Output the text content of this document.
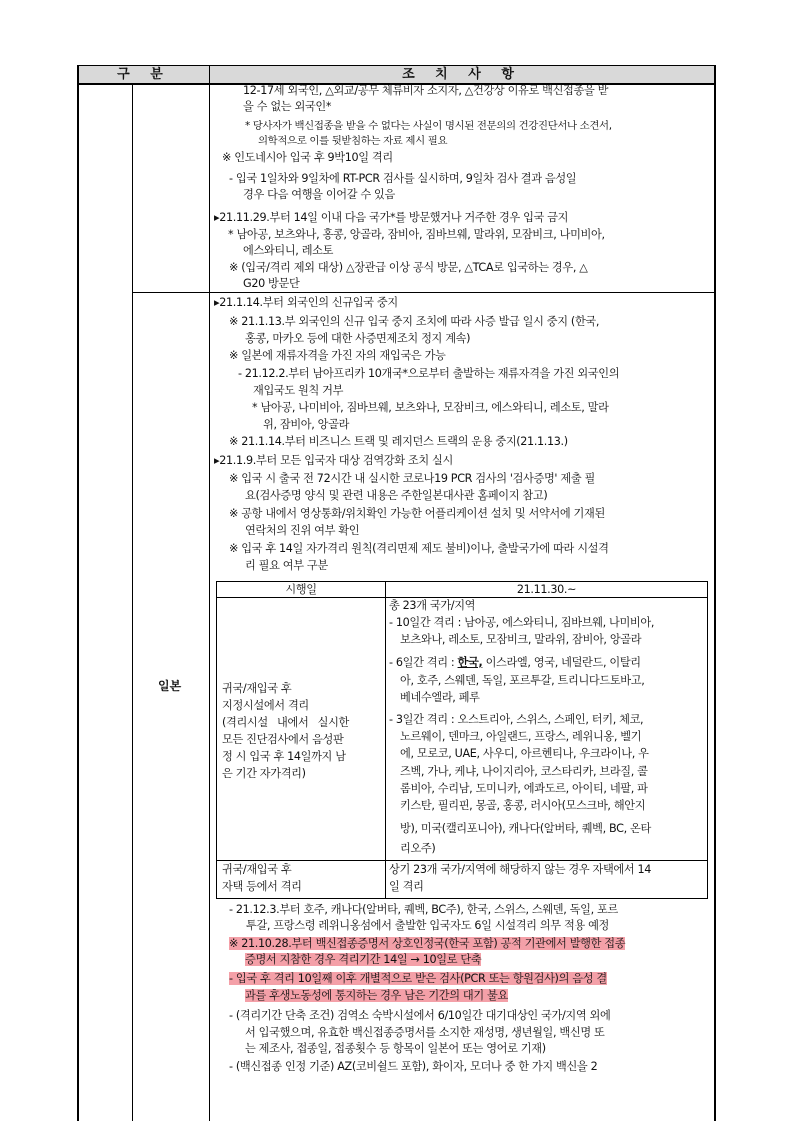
구 분	조 치 사 항
12-17세 외국인, △외교/공무 체류비자 소지자, △건강상 이유로 백신접종을 받
을 수 없는 외국인*
* 당사자가 백신접종을 받을 수 없다는 사실이 명시된 전문의의 건강진단서나 소견서,
의학적으로 이를 뒷받침하는 자료 제시 필요
※ 인도네시아 입국 후 9박10일 격리
- 입국 1일차와 9일차에 RT-PCR 검사를 실시하며, 9일차 검사 결과 음성일
경우 다음 여행을 이어갈 수 있음
▸21.11.29.부터 14일 이내 다음 국가*를 방문했거나 거주한 경우 입국 금지
* 남아공, 보츠와나, 홍콩, 앙골라, 잠비아, 짐바브웨, 말라위, 모잠비크, 나미비아,
에스와티니, 레소토
※ (입국/격리 제외 대상) △장관급 이상 공식 방문, △TCA로 입국하는 경우, △
G20 방문단
일본
▸21.1.14.부터 외국인의 신규입국 중지
※ 21.1.13.부 외국인의 신규 입국 중지 조치에 따라 사증 발급 일시 중지 (한국,
홍콩, 마카오 등에 대한 사증면제조치 정지 계속)
※ 일본에 재류자격을 가진 자의 재입국은 가능
- 21.12.2.부터 남아프리카 10개국*으로부터 출발하는 재류자격을 가진 외국인의
재입국도 원칙 거부
* 남아공, 나미비아, 짐바브웨, 보츠와나, 모잠비크, 에스와티니, 레소토, 말라
위, 잠비아, 앙골라
※ 21.1.14.부터 비즈니스 트랙 및 레지던스 트랙의 운용 중지(21.1.13.)
▸21.1.9.부터 모든 입국자 대상 검역강화 조치 실시
※ 입국 시 출국 전 72시간 내 실시한 코로나19 PCR 검사의 '검사증명' 제출 필
요(검사증명 양식 및 관련 내용은 주한일본대사관 홈페이지 참고)
※ 공항 내에서 영상통화/위치확인 가능한 어플리케이션 설치 및 서약서에 기재된
연락처의 진위 여부 확인
※ 입국 후 14일 자가격리 원칙(격리면제 제도 불비)이나, 출발국가에 따라 시설격
리 필요 여부 구분
시행일	21.11.30.~
귀국/재입국 후
지정시설에서 격리
(격리시설 내에서 실시한
모든 진단검사에서 음성판
정 시 입국 후 14일까지 남
은 기간 자가격리)
총 23개 국가/지역
- 10일간 격리 : 남아공, 에스와티니, 짐바브웨, 나미비아,
보츠와나, 레소토, 모잠비크, 말라위, 잠비아, 앙골라
- 6일간 격리 : 한국, 이스라엘, 영국, 네덜란드, 이탈리
아, 호주, 스웨덴, 독일, 포르투갈, 트리니다드토바고,
베네수엘라, 페루
- 3일간 격리 : 오스트리아, 스위스, 스페인, 터키, 체코,
노르웨이, 덴마크, 아일랜드, 프랑스, 레위니옹, 벨기
에, 모로코, UAE, 사우디, 아르헨티나, 우크라이나, 우
즈벡, 가나, 케냐, 나이지리아, 코스타리카, 브라질, 콜
롬비아, 수리남, 도미니카, 에콰도르, 아이티, 네팔, 파
키스탄, 필리핀, 몽골, 홍콩, 러시아(모스크바, 해안지
방), 미국(캘리포니아), 캐나다(알버타, 퀘벡, BC, 온타
리오주)
귀국/재입국 후
자택 등에서 격리
상기 23개 국가/지역에 해당하지 않는 경우 자택에서 14
일 격리
- 21.12.3.부터 호주, 캐나다(알버타, 퀘벡, BC주), 한국, 스위스, 스웨덴, 독일, 포르
투갈, 프랑스령 레위니옹섬에서 출발한 입국자도 6일 시설격리 의무 적용 예정
※ 21.10.28.부터 백신접종증명서 상호인정국(한국 포함) 공적 기관에서 발행한 접종
증명서 지참한 경우 격리기간 14일 → 10일로 단축
- 입국 후 격리 10일째 이후 개별적으로 받은 검사(PCR 또는 항원검사)의 음성 결
과를 후생노동성에 통지하는 경우 남은 기간의 대기 불요
- (격리기간 단축 조건) 검역소 숙박시설에서 6/10일간 대기대상인 국가/지역 외에
서 입국했으며, 유효한 백신접종증명서를 소지한 재성명, 생년월일, 백신명 또
는 제조사, 접종일, 접종횟수 등 항목이 일본어 또는 영어로 기재)
- (백신접종 인정 기준) AZ(코비쉴드 포함), 화이자, 모더나 중 한 가지 백신을 2
